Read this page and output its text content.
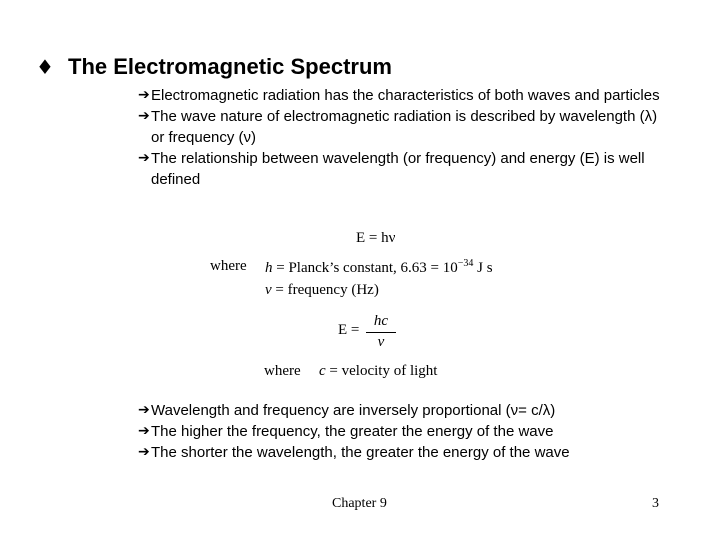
♦ The Electromagnetic Spectrum
➔ Electromagnetic radiation has the characteristics of both waves and particles
➔ The wave nature of electromagnetic radiation is described by wavelength (λ) or frequency (ν)
➔ The relationship between wavelength (or frequency) and energy (E) is well defined
E = hν
where h = Planck’s constant, $6.63 = 10^{-34}$ J s
ν = frequency (Hz)
E =
hc
ν
where c = velocity of light
➔ Wavelength and frequency are inversely proportional (ν= c/λ)
➔ The higher the frequency, the greater the energy of the wave
➔ The shorter the wavelength, the greater the energy of the wave
Chapter 9	3
